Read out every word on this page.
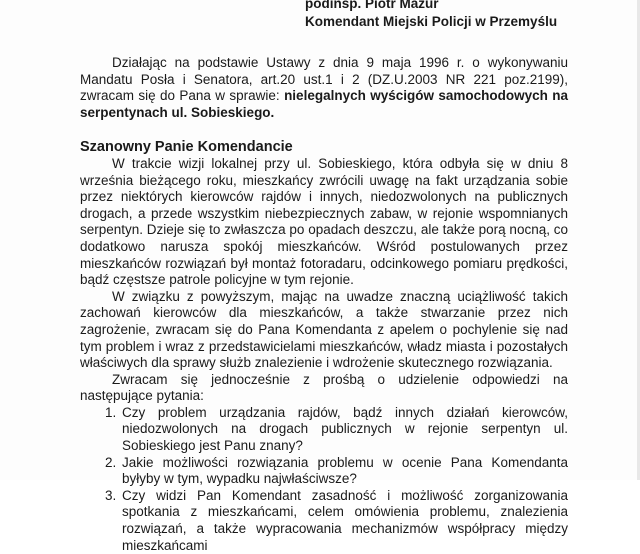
podinsp. Piotr Mazur
Komendant Miejski Policji w Przemyślu

Działając na podstawie Ustawy z dnia 9 maja 1996 r. o wykonywaniu Mandatu Posła i Senatora, art.20 ust.1 i 2 (DZ.U.2003 NR 221 poz.2199), zwracam się do Pana w sprawie: nielegalnych wyścigów samochodowych na serpentynach ul. Sobieskiego.

Szanowny Panie Komendancie

W trakcie wizji lokalnej przy ul. Sobieskiego, która odbyła się w dniu 8 września bieżącego roku, mieszkańcy zwrócili uwagę na fakt urządzania sobie przez niektórych kierowców rajdów i innych, niedozwolonych na publicznych drogach, a przede wszystkim niebezpiecznych zabaw, w rejonie wspomnianych serpentyn. Dzieje się to zwłaszcza po opadach deszczu, ale także porą nocną, co dodatkowo narusza spokój mieszkańców. Wśród postulowanych przez mieszkańców rozwiązań był montaż fotoradaru, odcinkowego pomiaru prędkości, bądź częstsze patrole policyjne w tym rejonie.

W związku z powyższym, mając na uwadze znaczną uciążliwość takich zachowań kierowców dla mieszkańców, a także stwarzanie przez nich zagrożenie, zwracam się do Pana Komendanta z apelem o pochylenie się nad tym problem i wraz z przedstawicielami mieszkańców, władz miasta i pozostałych właściwych dla sprawy służb znalezienie i wdrożenie skutecznego rozwiązania.

Zwracam się jednocześnie z prośbą o udzielenie odpowiedzi na następujące pytania:

1. Czy problem urządzania rajdów, bądź innych działań kierowców, niedozwolonych na drogach publicznych w rejonie serpentyn ul. Sobieskiego jest Panu znany?
2. Jakie możliwości rozwiązania problemu w ocenie Pana Komendanta byłyby w tym, wypadku najwłaściwsze?
3. Czy widzi Pan Komendant zasadność i możliwość zorganizowania spotkania z mieszkańcami, celem omówienia problemu, znalezienia rozwiązań, a także wypracowania mechanizmów współpracy między mieszkańcami
